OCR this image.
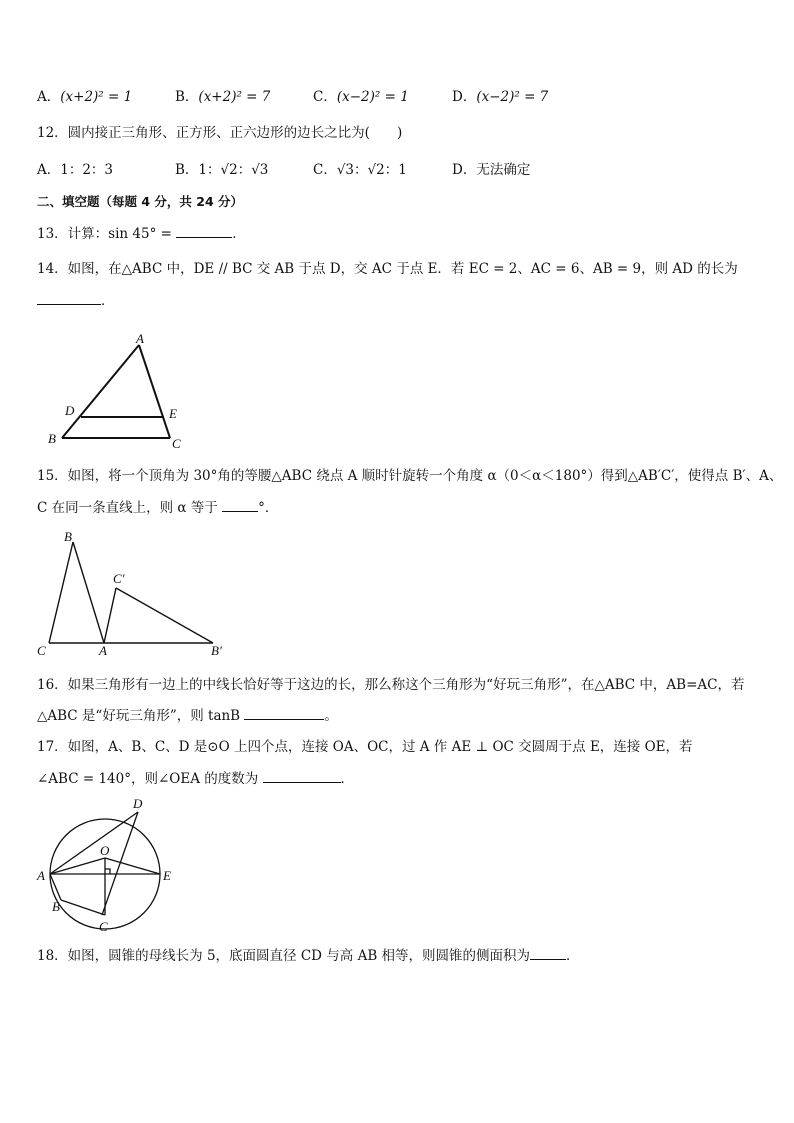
A．(x+2)² = 1	B．(x+2)² = 7	C．(x−2)² = 1	D．(x−2)² = 7
12．圆内接正三角形、正方形、正六边形的边长之比为(　　)
A．1：2：3	B．1：√2：√3	C．√3：√2：1	D．无法确定
二、填空题（每题 4 分，共 24 分）
13．计算：sin 45° =	．
14．如图，在△ABC 中，DE // BC 交 AB 于点 D，交 AC 于点 E．若 EC = 2、AC = 6、AB = 9，则 AD 的长为
．
A
B	C
D	E
15．如图，将一个顶角为 30°角的等腰△ABC 绕点 A 顺时针旋转一个角度 α（0＜α＜180°）得到△AB′C′，使得点 B′、A、
C 在同一条直线上，则 α 等于	°．
B
C	A
C′
B′
16．如果三角形有一边上的中线长恰好等于这边的长，那么称这个三角形为“好玩三角形”，在△ABC 中，AB=AC，若
△ABC 是“好玩三角形”，则 tanB	。
17．如图，A、B、C、D 是⊙O 上四个点，连接 OA、OC，过 A 作 AE ⊥ OC 交圆周于点 E，连接 OE，若
∠ABC = 140°，则∠OEA 的度数为	．
D
O
A	E
B
C
18．如图，圆锥的母线长为 5，底面圆直径 CD 与高 AB 相等，则圆锥的侧面积为	．
